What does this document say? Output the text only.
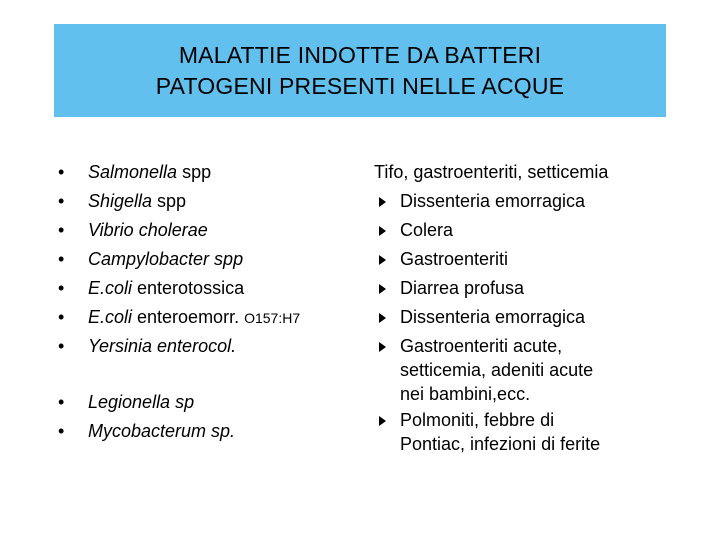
MALATTIE INDOTTE DA BATTERI
PATOGENI PRESENTI NELLE ACQUE
•	Salmonella spp
•	Shigella spp
•	Vibrio cholerae
•	Campylobacter spp
•	E.coli enterotossica
•	E.coli enteroemorr. O157:H7
•	Yersinia enterocol.
•	Legionella sp
•	Mycobacterum sp.
Tifo, gastroenteriti, setticemia
Dissenteria emorragica
Colera
Gastroenteriti
Diarrea profusa
Dissenteria emorragica
Gastroenteriti acute,
setticemia, adeniti acute
nei bambini,ecc.
Polmoniti, febbre di
Pontiac, infezioni di ferite
